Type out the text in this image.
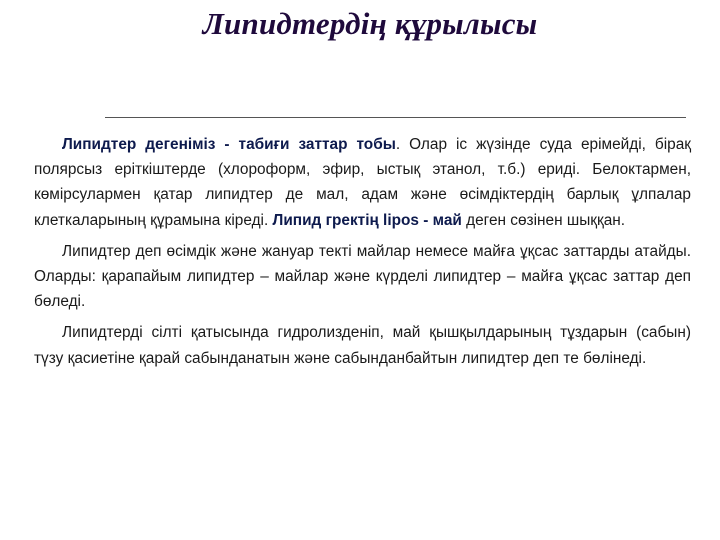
Липидтердің құрылысы

Липидтер дегеніміз - табиғи заттар тобы. Олар іс жүзінде суда ерімейді, бірақ полярсыз еріткіштерде (хлороформ, эфир, ыстық этанол, т.б.) ериді. Белоктармен, көмірсулармен қатар липидтер де мал, адам және өсімдіктердің барлық ұлпалар клеткаларының құрамына кіреді. Липид гректің lipos - май деген сөзінен шыққан.

Липидтер деп өсімдік және жануар текті майлар немесе майға ұқсас заттарды атайды. Оларды: қарапайым липидтер – майлар және күрделі липидтер – майға ұқсас заттар деп бөледі.

Липидтерді сілті қатысында гидролизденіп, май қышқылдарының тұздарын (сабын) түзу қасиетіне қарай сабынданатын және сабынданбайтын липидтер деп те бөлінеді.
